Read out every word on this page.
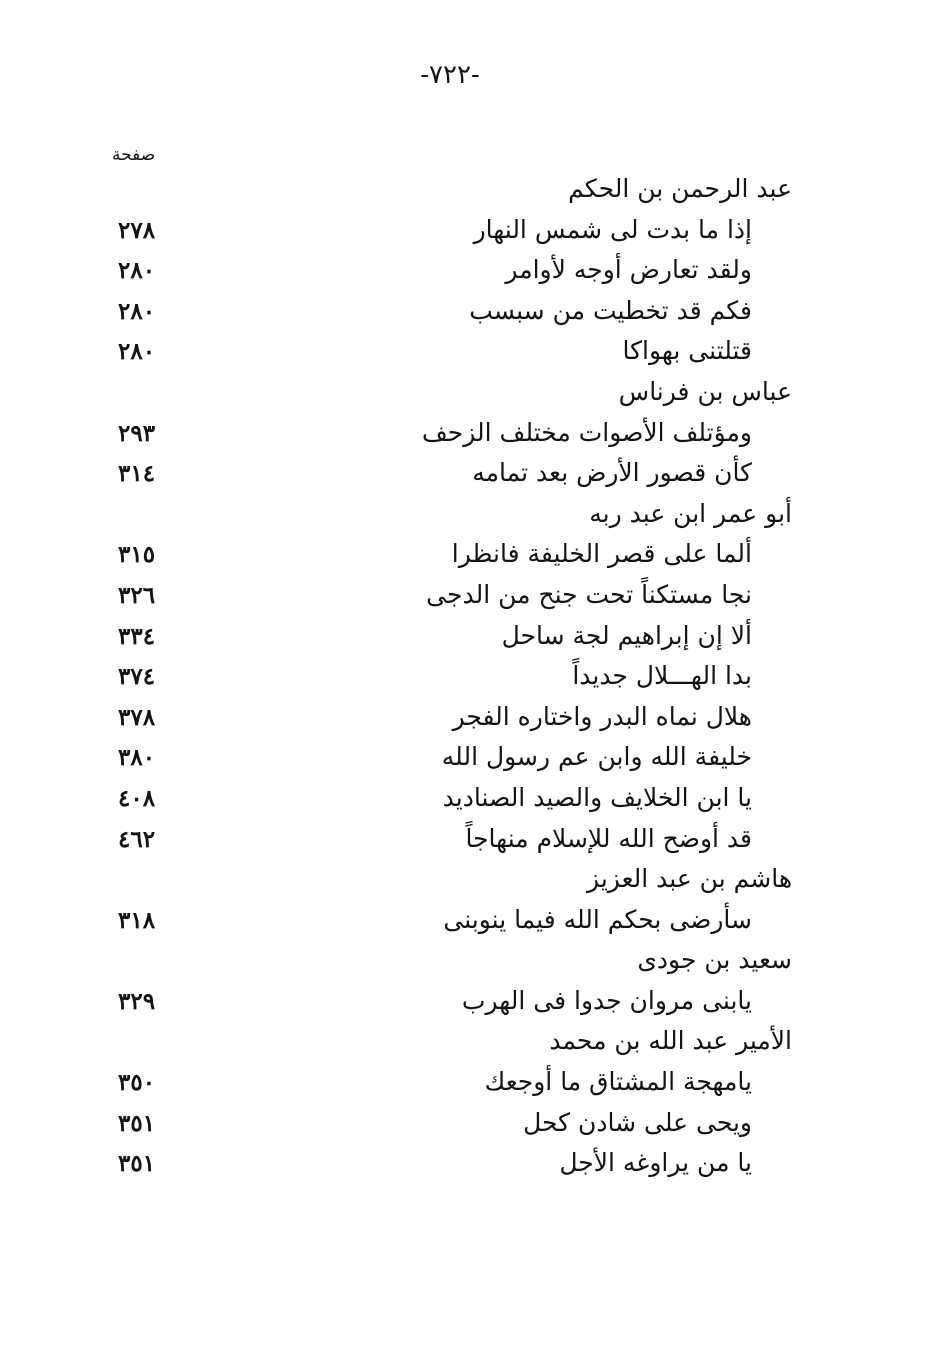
-٧٢٢-
صفحة
عبد الرحمن بن الحكم
إذا ما بدت لى شمس النهار
٢٧٨
ولقد تعارض أوجه لأوامر
٢٨٠
فكم قد تخطيت من سبسب
٢٨٠
قتلتنى بهواكا
٢٨٠
عباس بن فرناس
ومؤتلف الأصوات مختلف الزحف
٢٩٣
كأن قصور الأرض بعد تمامه
٣١٤
أبو عمر ابن عبد ربه
ألما على قصر الخليفة فانظرا
٣١٥
نجا مستكناً تحت جنح من الدجى
٣٢٦
ألا إن إبراهيم لجة ساحل
٣٣٤
بدا الهـــلال جديداً
٣٧٤
هلال نماه البدر واختاره الفجر
٣٧٨
خليفة الله وابن عم رسول الله
٣٨٠
يا ابن الخلايف والصيد الصناديد
٤٠٨
قد أوضح الله للإسلام منهاجاً
٤٦٢
هاشم بن عبد العزيز
سأرضى بحكم الله فيما ينوبنى
٣١٨
سعيد بن جودى
يابنى مروان جدوا فى الهرب
٣٢٩
الأمير عبد الله بن محمد
يامهجة المشتاق ما أوجعك
٣٥٠
ويحى على شادن كحل
٣٥١
يا من يراوغه الأجل
٣٥١
